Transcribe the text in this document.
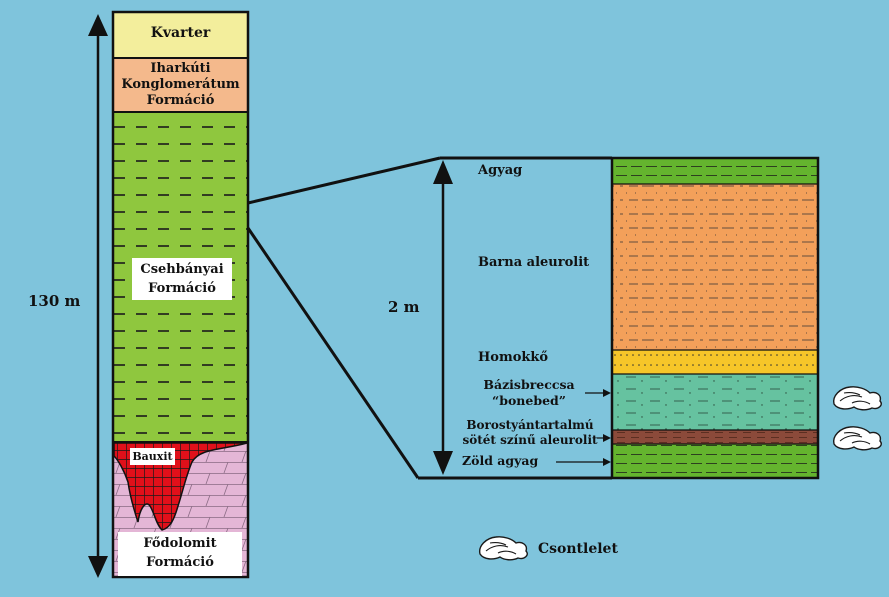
Kvarter
Iharkúti
Konglomerátum
Formáció
Csehbányai
Formáció
Bauxit
Fődolomit
Formáció
130 m	2 m
Agyag
Barna aleurolit
Homokkő
Bázisbreccsa
“bonebed”
Borostyántartalmú
sötét színű aleurolit
Zöld agyag
Csontlelet
